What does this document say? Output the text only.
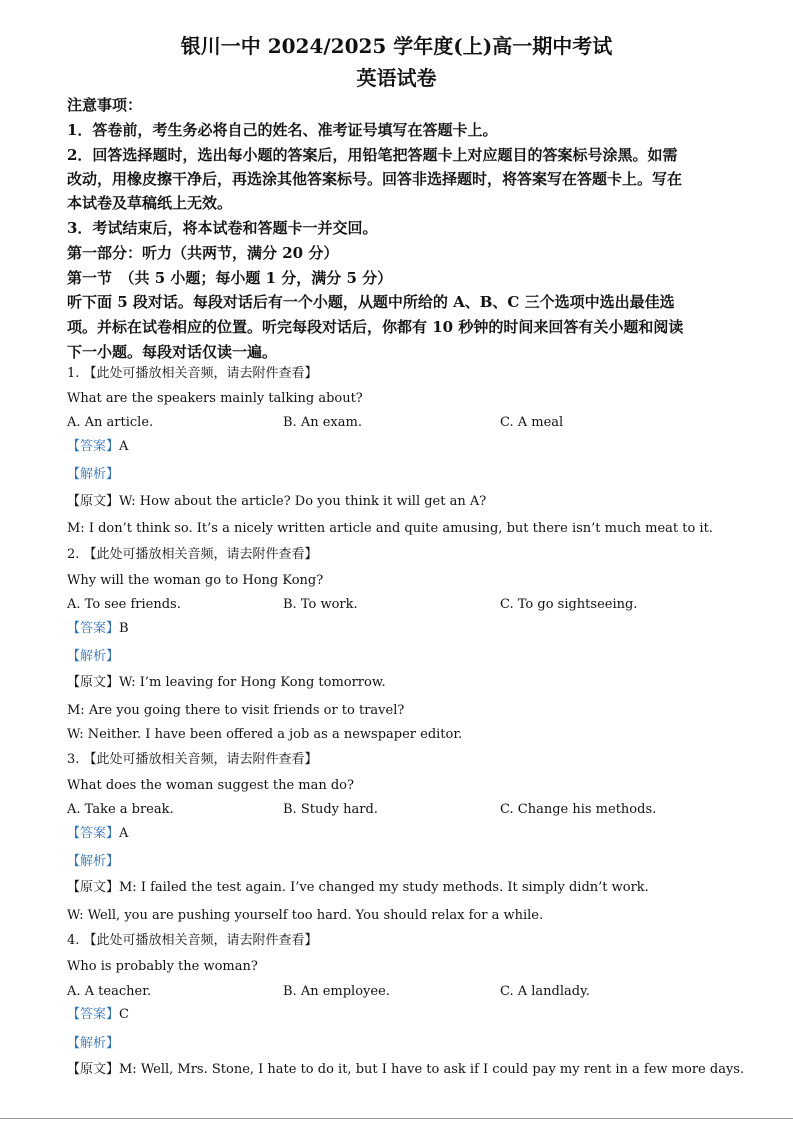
银川一中 2024/2025 学年度(上)高一期中考试
英语试卷
注意事项：
1．答卷前，考生务必将自己的姓名、准考证号填写在答题卡上。
2．回答选择题时，选出每小题的答案后，用铅笔把答题卡上对应题目的答案标号涂黑。如需
改动，用橡皮擦干净后，再选涂其他答案标号。回答非选择题时，将答案写在答题卡上。写在
本试卷及草稿纸上无效。
3．考试结束后，将本试卷和答题卡一并交回。
第一部分：听力（共两节，满分 20 分）
第一节　（共 5 小题；每小题 1 分，满分 5 分）
听下面 5 段对话。每段对话后有一个小题，从题中所给的 A、B、C 三个选项中选出最佳选
项。并标在试卷相应的位置。听完每段对话后，你都有 10 秒钟的时间来回答有关小题和阅读
下一小题。每段对话仅读一遍。
1. 【此处可播放相关音频，请去附件查看】
What are the speakers mainly talking about?
A. An article.	B. An exam.	C. A meal
【答案】A
【解析】
【原文】W: How about the article? Do you think it will get an A?
M: I don’t think so. It’s a nicely written article and quite amusing, but there isn’t much meat to it.
2. 【此处可播放相关音频，请去附件查看】
Why will the woman go to Hong Kong?
A. To see friends.	B. To work.	C. To go sightseeing.
【答案】B
【解析】
【原文】W: I’m leaving for Hong Kong tomorrow.
M: Are you going there to visit friends or to travel?
W: Neither. I have been offered a job as a newspaper editor.
3. 【此处可播放相关音频，请去附件查看】
What does the woman suggest the man do?
A. Take a break.	B. Study hard.	C. Change his methods.
【答案】A
【解析】
【原文】M: I failed the test again. I’ve changed my study methods. It simply didn’t work.
W: Well, you are pushing yourself too hard. You should relax for a while.
4. 【此处可播放相关音频，请去附件查看】
Who is probably the woman?
A. A teacher.	B. An employee.	C. A landlady.
【答案】C
【解析】
【原文】M: Well, Mrs. Stone, I hate to do it, but I have to ask if I could pay my rent in a few more days.
